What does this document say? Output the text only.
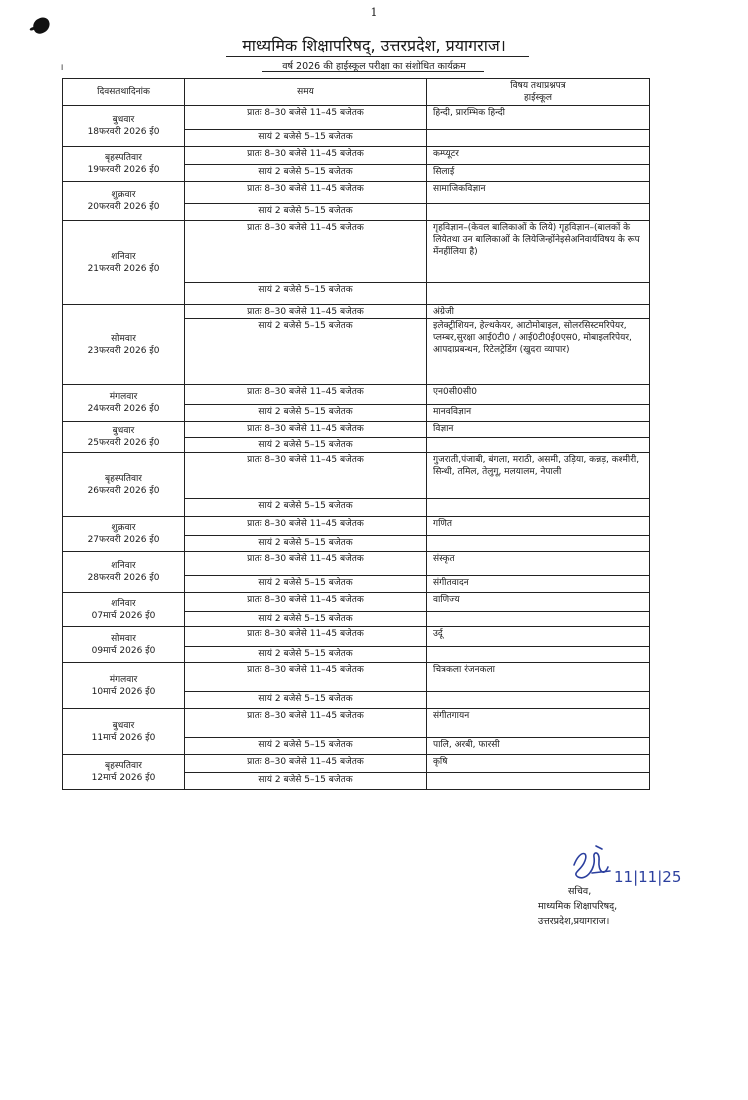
1
माध्यमिक शिक्षापरिषद्, उत्तरप्रदेश, प्रयागराज।
।	वर्ष 2026 की हाईस्कूल परीक्षा का संशोधित कार्यक्रम
दिवसतथादिनांक	समय	विषय तथाप्रश्नपत्र
हाईस्कूल

बुधवार
18फरवरी 2026 ई0	प्रातः 8–30 बजेसे 11–45 बजेतक	हिन्दी, प्रारम्भिक हिन्दी
	सायं 2 बजेसे 5–15 बजेतक	

बृहस्पतिवार
19फरवरी 2026 ई0	प्रातः 8–30 बजेसे 11–45 बजेतक	कम्प्यूटर
	सायं 2 बजेसे 5–15 बजेतक	सिलाई

शुक्रवार
20फरवरी 2026 ई0	प्रातः 8–30 बजेसे 11–45 बजेतक	सामाजिकविज्ञान
	सायं 2 बजेसे 5–15 बजेतक	

शनिवार
21फरवरी 2026 ई0	प्रातः 8–30 बजेसे 11–45 बजेतक	गृहविज्ञान–(केवल बालिकाओं के लिये) गृहविज्ञान–(बालकों के लियेतथा उन बालिकाओं के लियेजिन्होंनेइसेअनिवार्यविषय के रूप मेंनहींलिया है)
	सायं 2 बजेसे 5–15 बजेतक	

सोमवार
23फरवरी 2026 ई0	प्रातः 8–30 बजेसे 11–45 बजेतक	अंग्रेजी
	सायं 2 बजेसे 5–15 बजेतक	इलेक्ट्रीशियन, हेल्थकेयर, आटोमोबाइल, सोलरसिस्टमरिपेयर, प्लम्बर,सुरक्षा आई0टी0 / आई0टी0ई0एस0, मोबाइलरिपेयर, आपदाप्रबन्धन, रिटेलट्रेडिंग (खुदरा व्यापार)

मंगलवार
24फरवरी 2026 ई0	प्रातः 8–30 बजेसे 11–45 बजेतक	एन0सी0सी0
	सायं 2 बजेसे 5–15 बजेतक	मानवविज्ञान

बुधवार
25फरवरी 2026 ई0	प्रातः 8–30 बजेसे 11–45 बजेतक	विज्ञान
	सायं 2 बजेसे 5–15 बजेतक	

बृहस्पतिवार
26फरवरी 2026 ई0	प्रातः 8–30 बजेसे 11–45 बजेतक	गुजराती,पंजाबी, बंगला, मराठी, असमी, उड़िया, कन्नड़, कश्मीरी, सिन्धी, तमिल, तेलुगू, मलयालम, नेपाली
	सायं 2 बजेसे 5–15 बजेतक	

शुक्रवार
27फरवरी 2026 ई0	प्रातः 8–30 बजेसे 11–45 बजेतक	गणित
	सायं 2 बजेसे 5–15 बजेतक	

शनिवार
28फरवरी 2026 ई0	प्रातः 8–30 बजेसे 11–45 बजेतक	संस्कृत
	सायं 2 बजेसे 5–15 बजेतक	संगीतवादन

शनिवार
07मार्च 2026 ई0	प्रातः 8–30 बजेसे 11–45 बजेतक	वाणिज्य
	सायं 2 बजेसे 5–15 बजेतक	

सोमवार
09मार्च 2026 ई0	प्रातः 8–30 बजेसे 11–45 बजेतक	उर्दू
	सायं 2 बजेसे 5–15 बजेतक	

मंगलवार
10मार्च 2026 ई0	प्रातः 8–30 बजेसे 11–45 बजेतक	चित्रकला रंजनकला
	सायं 2 बजेसे 5–15 बजेतक	

बुधवार
11मार्च 2026 ई0	प्रातः 8–30 बजेसे 11–45 बजेतक	संगीतगायन
	सायं 2 बजेसे 5–15 बजेतक	पालि, अरबी, फारसी

बृहस्पतिवार
12मार्च 2026 ई0	प्रातः 8–30 बजेसे 11–45 बजेतक	कृषि
	सायं 2 बजेसे 5–15 बजेतक	
11|11|25
सचिव,
माध्यमिक शिक्षापरिषद्,
उत्तरप्रदेश,प्रयागराज।
